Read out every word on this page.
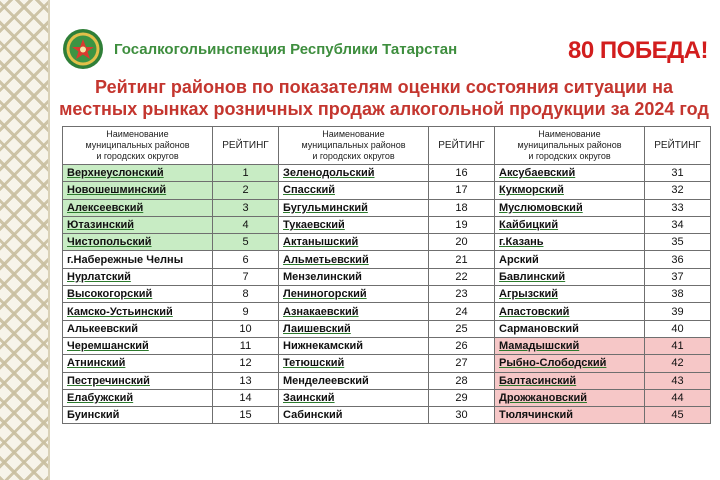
Госалкогольинспекция Республики Татарстан	80 ПОБЕДА!
Рейтинг районов по показателям оценки состояния ситуации на
местных рынках розничных продаж алкогольной продукции за 2024 год
Наименование
муниципальных районов
и городских округов	РЕЙТИНГ	Наименование
муниципальных районов
и городских округов	РЕЙТИНГ	Наименование
муниципальных районов
и городских округов	РЕЙТИНГ
Верхнеуслонский	1	Зеленодольский	16	Аксубаевский	31
Новошешминский	2	Спасский	17	Кукморский	32
Алексеевский	3	Бугульминский	18	Муслюмовский	33
Ютазинский	4	Тукаевский	19	Кайбицкий	34
Чистопольский	5	Актанышский	20	г.Казань	35
г.Набережные Челны	6	Альметьевский	21	Арский	36
Нурлатский	7	Мензелинский	22	Бавлинский	37
Высокогорский	8	Лениногорский	23	Агрызский	38
Камско-Устьинский	9	Азнакаевский	24	Апастовский	39
Алькеевский	10	Лаишевский	25	Сармановский	40
Черемшанский	11	Нижнекамский	26	Мамадышский	41
Атнинский	12	Тетюшский	27	Рыбно-Слободский	42
Пестречинский	13	Менделеевский	28	Балтасинский	43
Елабужский	14	Заинский	29	Дрожжановский	44
Буинский	15	Сабинский	30	Тюлячинский	45
